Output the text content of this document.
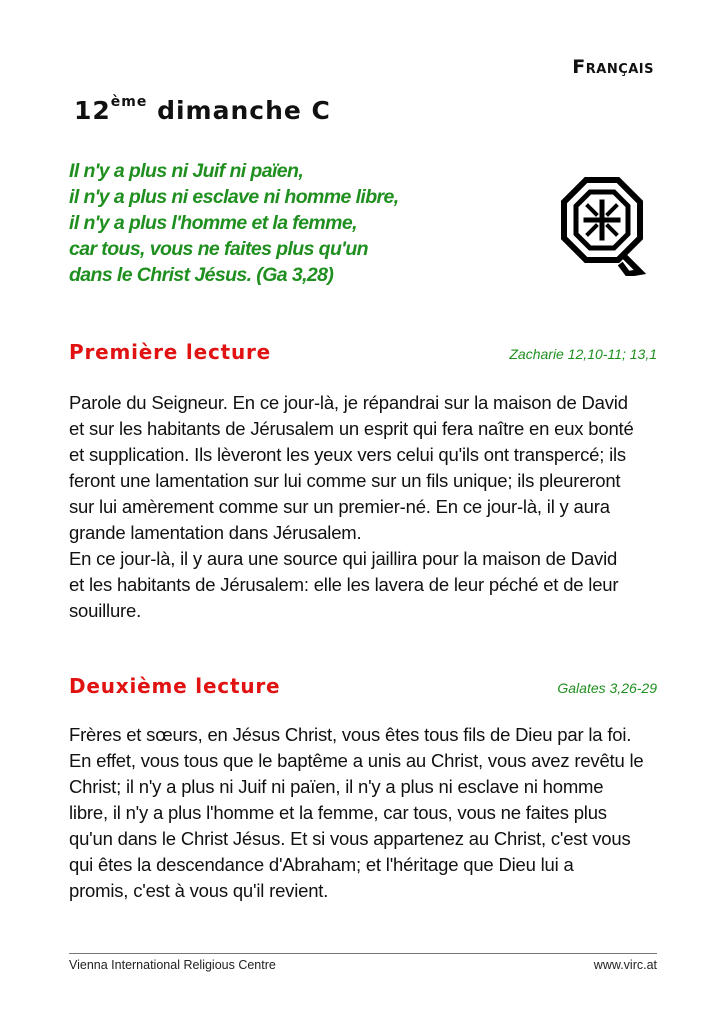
Français
12ème dimanche C
Il n'y a plus ni Juif ni païen,
il n'y a plus ni esclave ni homme libre,
il n'y a plus l'homme et la femme,
car tous, vous ne faites plus qu'un
dans le Christ Jésus. (Ga 3,28)
Première lecture	Zacharie 12,10-11; 13,1
Parole du Seigneur. En ce jour-là, je répandrai sur la maison de David
et sur les habitants de Jérusalem un esprit qui fera naître en eux bonté
et supplication. Ils lèveront les yeux vers celui qu'ils ont transpercé; ils
feront une lamentation sur lui comme sur un fils unique; ils pleureront
sur lui amèrement comme sur un premier-né. En ce jour-là, il y aura
grande lamentation dans Jérusalem.
En ce jour-là, il y aura une source qui jaillira pour la maison de David
et les habitants de Jérusalem: elle les lavera de leur péché et de leur
souillure.
Deuxième lecture	Galates 3,26-29
Frères et sœurs, en Jésus Christ, vous êtes tous fils de Dieu par la foi.
En effet, vous tous que le baptême a unis au Christ, vous avez revêtu le
Christ; il n'y a plus ni Juif ni païen, il n'y a plus ni esclave ni homme
libre, il n'y a plus l'homme et la femme, car tous, vous ne faites plus
qu'un dans le Christ Jésus. Et si vous appartenez au Christ, c'est vous
qui êtes la descendance d'Abraham; et l'héritage que Dieu lui a
promis, c'est à vous qu'il revient.
Vienna International Religious Centre	www.virc.at
